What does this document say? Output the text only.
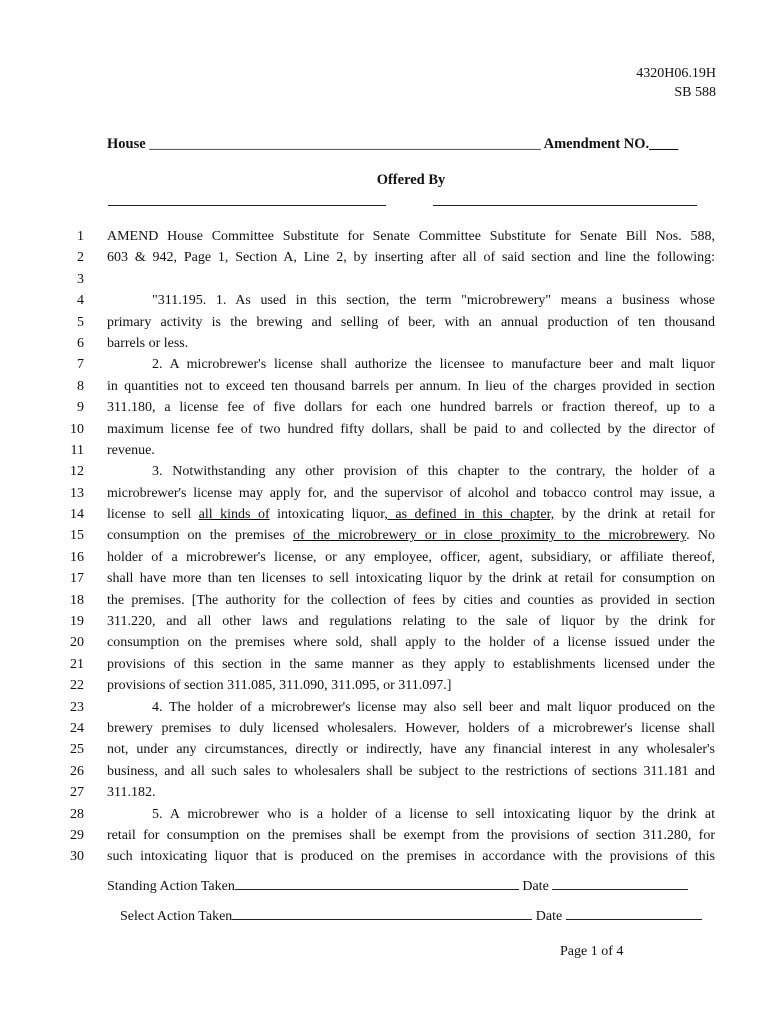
4320H06.19H
SB 588
House ______________________________________________________ Amendment NO.____
Offered By
1 AMEND House Committee Substitute for Senate Committee Substitute for Senate Bill Nos. 588,
2 603 & 942, Page 1, Section A, Line 2, by inserting after all of said section and line the following:
3
4	"311.195. 1. As used in this section, the term "microbrewery" means a business whose
5 primary activity is the brewing and selling of beer, with an annual production of ten thousand
6 barrels or less.
7	2. A microbrewer's license shall authorize the licensee to manufacture beer and malt liquor
8 in quantities not to exceed ten thousand barrels per annum. In lieu of the charges provided in section
9 311.180, a license fee of five dollars for each one hundred barrels or fraction thereof, up to a
10 maximum license fee of two hundred fifty dollars, shall be paid to and collected by the director of
11 revenue.
12	3. Notwithstanding any other provision of this chapter to the contrary, the holder of a
13 microbrewer's license may apply for, and the supervisor of alcohol and tobacco control may issue, a
14 license to sell all kinds of intoxicating liquor, as defined in this chapter, by the drink at retail for
15 consumption on the premises of the microbrewery or in close proximity to the microbrewery. No
16 holder of a microbrewer's license, or any employee, officer, agent, subsidiary, or affiliate thereof,
17 shall have more than ten licenses to sell intoxicating liquor by the drink at retail for consumption on
18 the premises. [The authority for the collection of fees by cities and counties as provided in section
19 311.220, and all other laws and regulations relating to the sale of liquor by the drink for
20 consumption on the premises where sold, shall apply to the holder of a license issued under the
21 provisions of this section in the same manner as they apply to establishments licensed under the
22 provisions of section 311.085, 311.090, 311.095, or 311.097.]
23	4. The holder of a microbrewer's license may also sell beer and malt liquor produced on the
24 brewery premises to duly licensed wholesalers. However, holders of a microbrewer's license shall
25 not, under any circumstances, directly or indirectly, have any financial interest in any wholesaler's
26 business, and all such sales to wholesalers shall be subject to the restrictions of sections 311.181 and
27 311.182.
28	5. A microbrewer who is a holder of a license to sell intoxicating liquor by the drink at
29 retail for consumption on the premises shall be exempt from the provisions of section 311.280, for
30 such intoxicating liquor that is produced on the premises in accordance with the provisions of this
Standing Action Taken	Date
Select Action Taken	Date
Page 1 of 4
